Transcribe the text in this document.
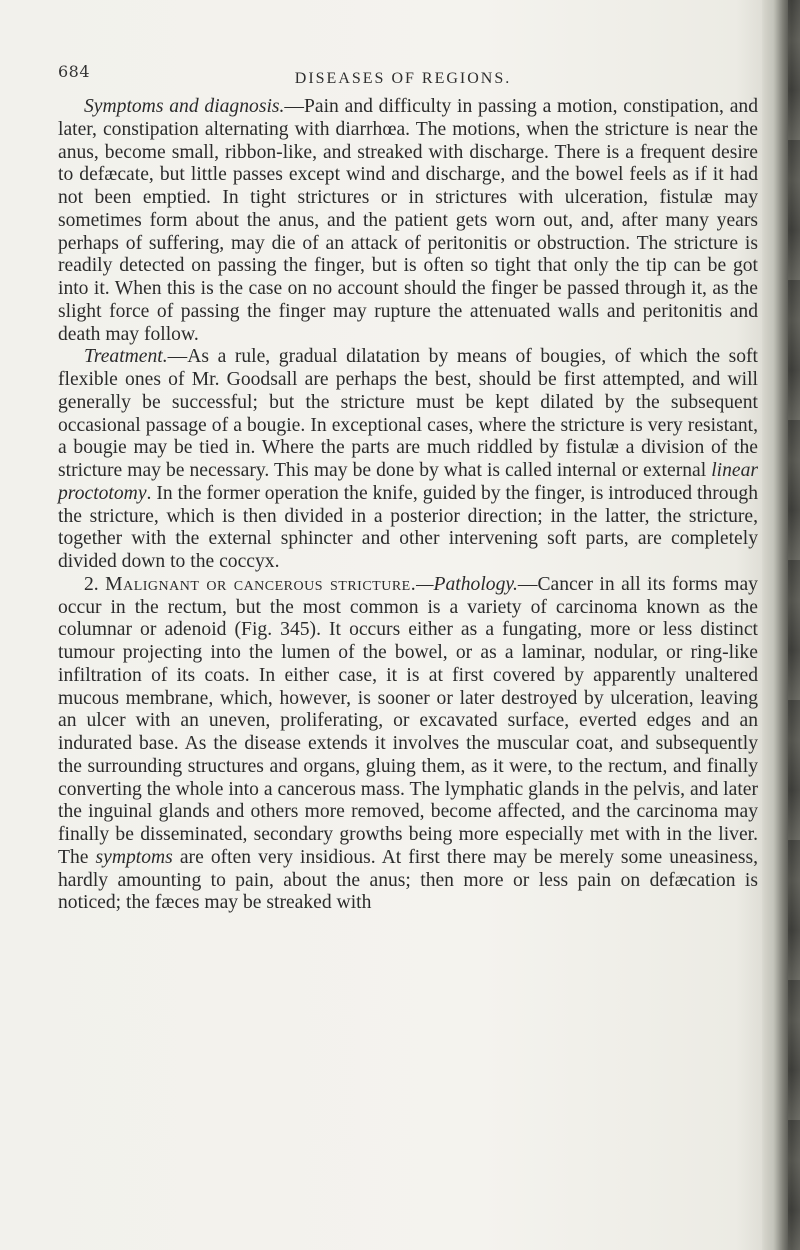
684	DISEASES OF REGIONS.

Symptoms and diagnosis.—Pain and difficulty in passing a motion, constipation, and later, constipation alternating with diarrhœa. The motions, when the stricture is near the anus, become small, ribbon-like, and streaked with discharge. There is a frequent desire to defæcate, but little passes except wind and discharge, and the bowel feels as if it had not been emptied. In tight strictures or in strictures with ulceration, fistulæ may sometimes form about the anus, and the patient gets worn out, and, after many years perhaps of suffering, may die of an attack of peritonitis or obstruction. The stricture is readily detected on passing the finger, but is often so tight that only the tip can be got into it. When this is the case on no account should the finger be passed through it, as the slight force of passing the finger may rupture the attenuated walls and peritonitis and death may follow.

Treatment.—As a rule, gradual dilatation by means of bougies, of which the soft flexible ones of Mr. Goodsall are perhaps the best, should be first attempted, and will generally be successful; but the stricture must be kept dilated by the subsequent occasional passage of a bougie. In exceptional cases, where the stricture is very resistant, a bougie may be tied in. Where the parts are much riddled by fistulæ a division of the stricture may be necessary. This may be done by what is called internal or external linear proctotomy. In the former operation the knife, guided by the finger, is introduced through the stricture, which is then divided in a posterior direction; in the latter, the stricture, together with the external sphincter and other intervening soft parts, are completely divided down to the coccyx.

2. Malignant or cancerous stricture.—Pathology.—Cancer in all its forms may occur in the rectum, but the most common is a variety of carcinoma known as the columnar or adenoid (Fig. 345). It occurs either as a fungating, more or less distinct tumour projecting into the lumen of the bowel, or as a laminar, nodular, or ring-like infiltration of its coats. In either case, it is at first covered by apparently unaltered mucous membrane, which, however, is sooner or later destroyed by ulceration, leaving an ulcer with an uneven, proliferating, or excavated surface, everted edges and an indurated base. As the disease extends it involves the muscular coat, and subsequently the surrounding structures and organs, gluing them, as it were, to the rectum, and finally converting the whole into a cancerous mass. The lymphatic glands in the pelvis, and later the inguinal glands and others more removed, become affected, and the carcinoma may finally be disseminated, secondary growths being more especially met with in the liver. The symptoms are often very insidious. At first there may be merely some uneasiness, hardly amounting to pain, about the anus; then more or less pain on defæcation is noticed; the fæces may be streaked with
